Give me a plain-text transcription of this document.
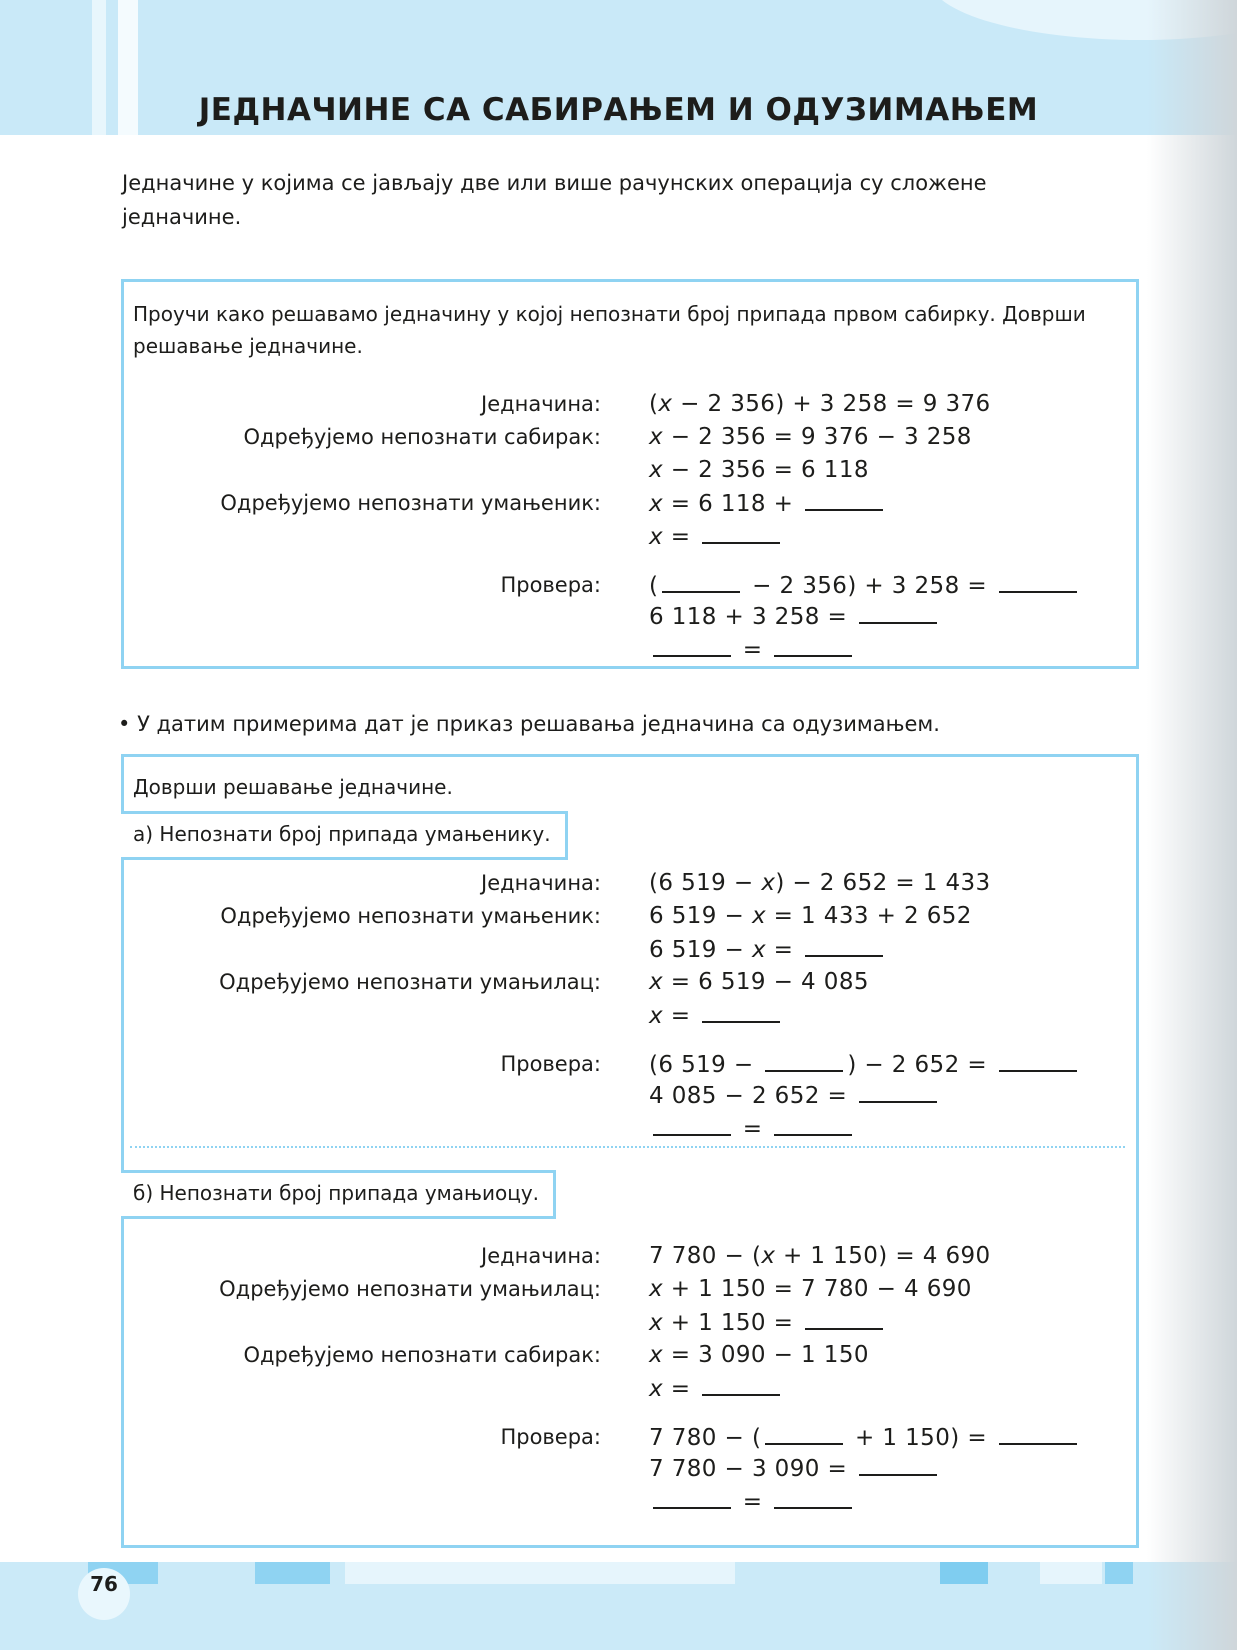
ЈЕДНАЧИНЕ СА САБИРАЊЕМ И ОДУЗИМАЊЕМ
Једначине у којима се јављају две или више рачунских операција су сложене једначине.
Проучи како решавамо једначину у којој непознати број припада првом сабирку. Доврши решавање једначине.
Једначина: (x − 2 356) + 3 258 = 9 376
Одређујемо непознати сабирак: x − 2 356 = 9 376 − 3 258
x − 2 356 = 6 118
Одређујемо непознати умањеник: x = 6 118 +
x =
Провера: (	− 2 356) + 3 258 =
6 118 + 3 258 =
=
• У датим примерима дат је приказ решавања једначина са одузимањем.
Доврши решавање једначине.
а) Непознати број припада умањенику.
Једначина: (6 519 − x) − 2 652 = 1 433
Одређујемо непознати умањеник: 6 519 − x = 1 433 + 2 652
6 519 − x =
Одређујемо непознати умањилац: x = 6 519 − 4 085
x =
Провера: (6 519 −	) − 2 652 =
4 085 − 2 652 =
=
б) Непознати број припада умањиоцу.
Једначина: 7 780 − (x + 1 150) = 4 690
Одређујемо непознати умањилац: x + 1 150 = 7 780 − 4 690
x + 1 150 =
Одређујемо непознати сабирак: x = 3 090 − 1 150
x =
Провера: 7 780 − (	+ 1 150) =
7 780 − 3 090 =
=
76
